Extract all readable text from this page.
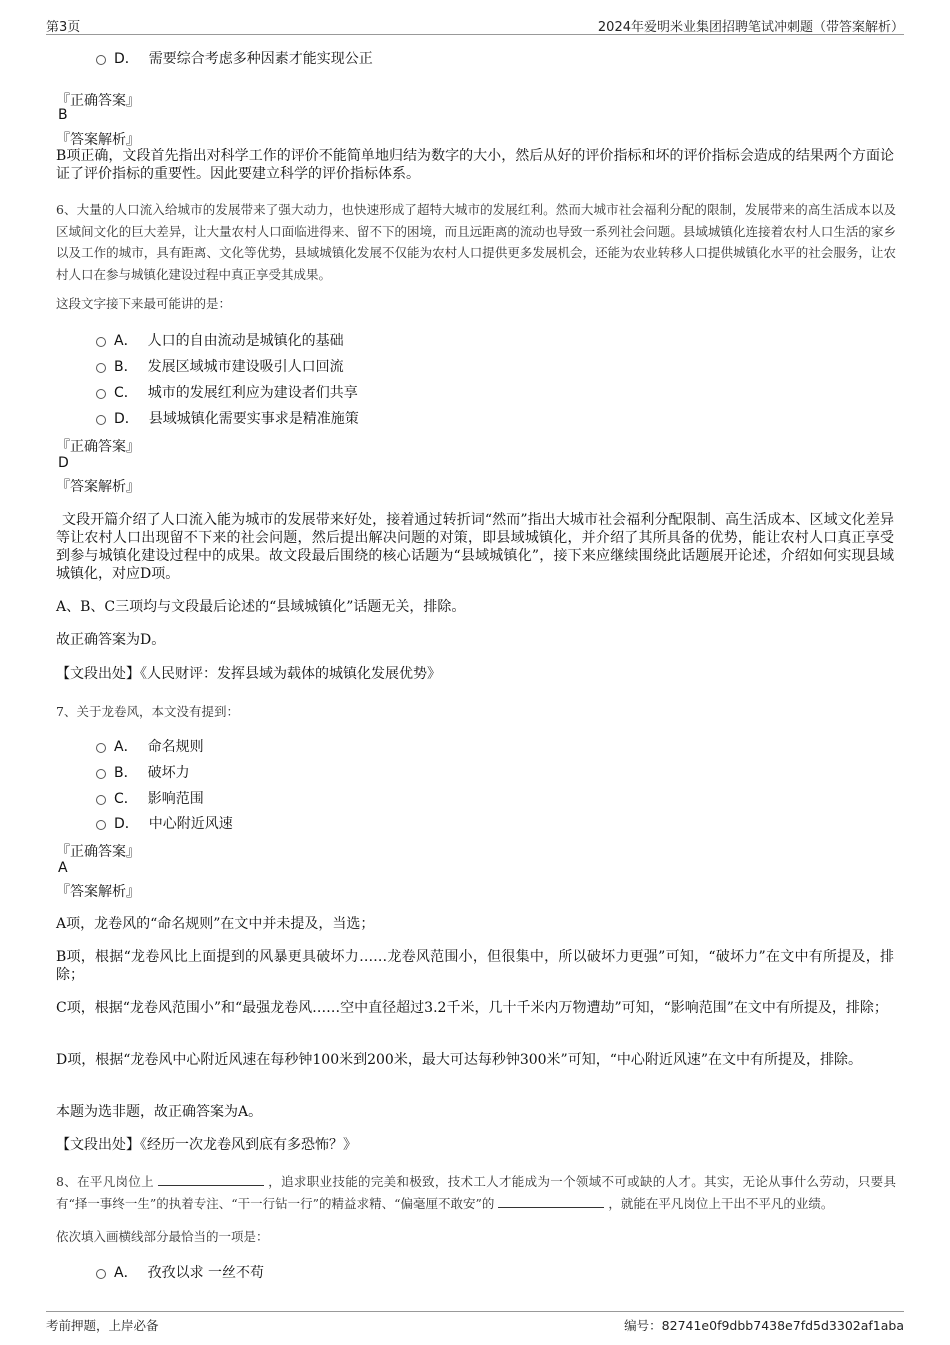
第3页	2024年爱明米业集团招聘笔试冲刺题（带答案解析）
D． 需要综合考虑多种因素才能实现公正
『正确答案』
B
『答案解析』
B项正确，文段首先指出对科学工作的评价不能简单地归结为数字的大小，然后从好的评价指标和坏的评价指标会造成的结果两个方面论证了评价指标的重要性。因此要建立科学的评价指标体系。
6、大量的人口流入给城市的发展带来了强大动力，也快速形成了超特大城市的发展红利。然而大城市社会福利分配的限制，发展带来的高生活成本以及区域间文化的巨大差异，让大量农村人口面临进得来、留不下的困境，而且远距离的流动也导致一系列社会问题。县域城镇化连接着农村人口生活的家乡以及工作的城市，具有距离、文化等优势，县域城镇化发展不仅能为农村人口提供更多发展机会，还能为农业转移人口提供城镇化水平的社会服务，让农村人口在参与城镇化建设过程中真正享受其成果。
这段文字接下来最可能讲的是：
A． 人口的自由流动是城镇化的基础
B． 发展区域城市建设吸引人口回流
C． 城市的发展红利应为建设者们共享
D． 县域城镇化需要实事求是精准施策
『正确答案』
D
『答案解析』
文段开篇介绍了人口流入能为城市的发展带来好处，接着通过转折词“然而”指出大城市社会福利分配限制、高生活成本、区域文化差异等让农村人口出现留不下来的社会问题，然后提出解决问题的对策，即县域城镇化，并介绍了其所具备的优势，能让农村人口真正享受到参与城镇化建设过程中的成果。故文段最后围绕的核心话题为“县域城镇化”，接下来应继续围绕此话题展开论述，介绍如何实现县域城镇化，对应D项。
A、B、C三项均与文段最后论述的“县域城镇化”话题无关，排除。
故正确答案为D。
【文段出处】《人民财评：发挥县域为载体的城镇化发展优势》
7、关于龙卷风，本文没有提到：
A． 命名规则
B． 破坏力
C． 影响范围
D． 中心附近风速
『正确答案』
A
『答案解析』
A项，龙卷风的“命名规则”在文中并未提及，当选；
B项，根据“龙卷风比上面提到的风暴更具破坏力……龙卷风范围小，但很集中，所以破坏力更强”可知，“破坏力”在文中有所提及，排除；
C项，根据“龙卷风范围小”和“最强龙卷风……空中直径超过3.2千米，几十千米内万物遭劫”可知，“影响范围”在文中有所提及，排除；
D项，根据“龙卷风中心附近风速在每秒钟100米到200米，最大可达每秒钟300米”可知，“中心附近风速”在文中有所提及，排除。
本题为选非题，故正确答案为A。
【文段出处】《经历一次龙卷风到底有多恐怖？》
8、在平凡岗位上	，追求职业技能的完美和极致，技术工人才能成为一个领域不可或缺的人才。其实，无论从事什么劳动，只要具有“择一事终一生”的执着专注、“干一行钻一行”的精益求精、“偏毫厘不敢安”的	，就能在平凡岗位上干出不平凡的业绩。
依次填入画横线部分最恰当的一项是：
A． 孜孜以求 一丝不苟
考前押题，上岸必备	编号：82741e0f9dbb7438e7fd5d3302af1aba
